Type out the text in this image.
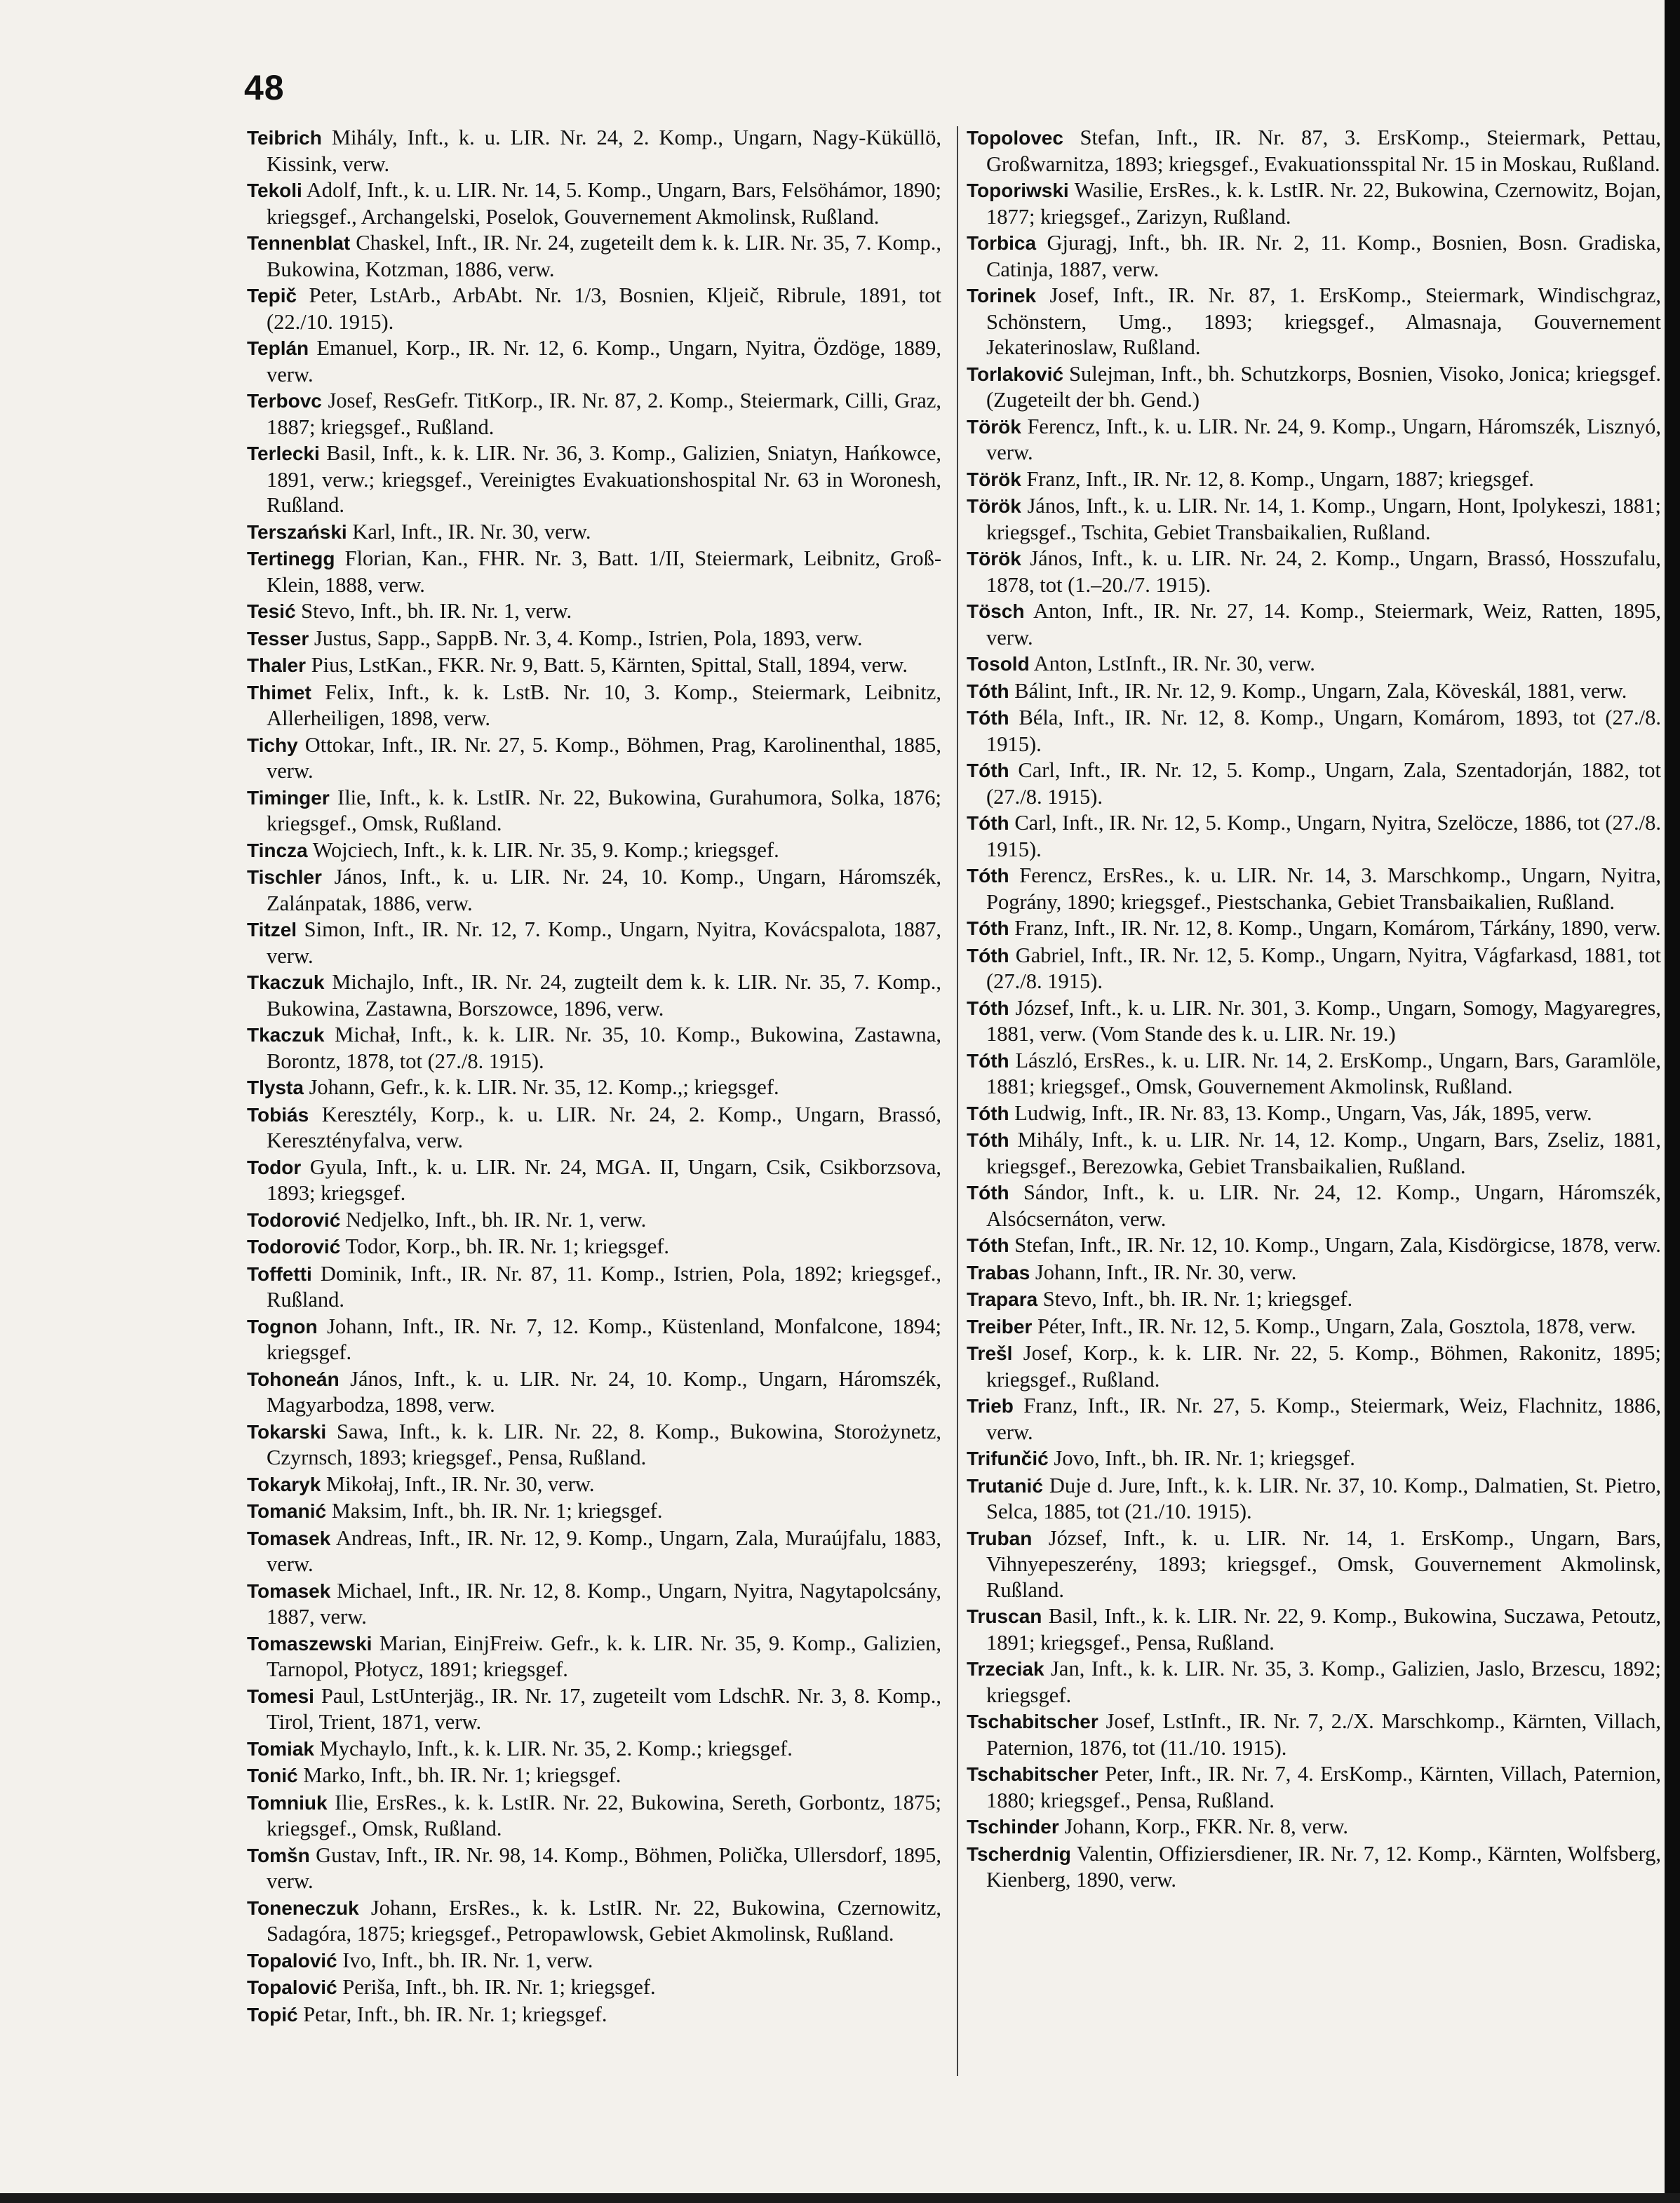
48

Teibrich Mihály, Inft., k. u. LIR. Nr. 24, 2. Komp., Ungarn, Nagy-Küküllö, Kissink, verw.

Tekoli Adolf, Inft., k. u. LIR. Nr. 14, 5. Komp., Ungarn, Bars, Felsöhámor, 1890; kriegsgef., Archangelski, Poselok, Gouvernement Akmolinsk, Rußland.

Tennenblat Chaskel, Inft., IR. Nr. 24, zugeteilt dem k. k. LIR. Nr. 35, 7. Komp., Bukowina, Kotzman, 1886, verw.

Tepič Peter, LstArb., ArbAbt. Nr. 1/3, Bosnien, Kljeič, Ribrule, 1891, tot (22./10. 1915).

Teplán Emanuel, Korp., IR. Nr. 12, 6. Komp., Ungarn, Nyitra, Özdöge, 1889, verw.

Terbovc Josef, ResGefr. TitKorp., IR. Nr. 87, 2. Komp., Steiermark, Cilli, Graz, 1887; kriegsgef., Rußland.

Terlecki Basil, Inft., k. k. LIR. Nr. 36, 3. Komp., Galizien, Sniatyn, Hańkowce, 1891, verw.; kriegsgef., Vereinigtes Evakuationshospital Nr. 63 in Woronesh, Rußland.

Terszański Karl, Inft., IR. Nr. 30, verw.

Tertinegg Florian, Kan., FHR. Nr. 3, Batt. 1/II, Steiermark, Leibnitz, Groß-Klein, 1888, verw.

Tesić Stevo, Inft., bh. IR. Nr. 1, verw.

Tesser Justus, Sapp., SappB. Nr. 3, 4. Komp., Istrien, Pola, 1893, verw.

Thaler Pius, LstKan., FKR. Nr. 9, Batt. 5, Kärnten, Spittal, Stall, 1894, verw.

Thimet Felix, Inft., k. k. LstB. Nr. 10, 3. Komp., Steiermark, Leibnitz, Allerheiligen, 1898, verw.

Tichy Ottokar, Inft., IR. Nr. 27, 5. Komp., Böhmen, Prag, Karolinenthal, 1885, verw.

Timinger Ilie, Inft., k. k. LstIR. Nr. 22, Bukowina, Gurahumora, Solka, 1876; kriegsgef., Omsk, Rußland.

Tincza Wojciech, Inft., k. k. LIR. Nr. 35, 9. Komp.; kriegsgef.

Tischler János, Inft., k. u. LIR. Nr. 24, 10. Komp., Ungarn, Háromszék, Zalánpatak, 1886, verw.

Titzel Simon, Inft., IR. Nr. 12, 7. Komp., Ungarn, Nyitra, Kovácspalota, 1887, verw.

Tkaczuk Michajlo, Inft., IR. Nr. 24, zugteilt dem k. k. LIR. Nr. 35, 7. Komp., Bukowina, Zastawna, Borszowce, 1896, verw.

Tkaczuk Michał, Inft., k. k. LIR. Nr. 35, 10. Komp., Bukowina, Zastawna, Borontz, 1878, tot (27./8. 1915).

Tlysta Johann, Gefr., k. k. LIR. Nr. 35, 12. Komp.,; kriegsgef.

Tobiás Keresztély, Korp., k. u. LIR. Nr. 24, 2. Komp., Ungarn, Brassó, Keresztényfalva, verw.

Todor Gyula, Inft., k. u. LIR. Nr. 24, MGA. II, Ungarn, Csik, Csikborzsova, 1893; kriegsgef.

Todorović Nedjelko, Inft., bh. IR. Nr. 1, verw.

Todorović Todor, Korp., bh. IR. Nr. 1; kriegsgef.

Toffetti Dominik, Inft., IR. Nr. 87, 11. Komp., Istrien, Pola, 1892; kriegsgef., Rußland.

Tognon Johann, Inft., IR. Nr. 7, 12. Komp., Küstenland, Monfalcone, 1894; kriegsgef.

Tohoneán János, Inft., k. u. LIR. Nr. 24, 10. Komp., Ungarn, Háromszék, Magyarbodza, 1898, verw.

Tokarski Sawa, Inft., k. k. LIR. Nr. 22, 8. Komp., Bukowina, Storożynetz, Czyrnsch, 1893; kriegsgef., Pensa, Rußland.

Tokaryk Mikołaj, Inft., IR. Nr. 30, verw.

Tomanić Maksim, Inft., bh. IR. Nr. 1; kriegsgef.

Tomasek Andreas, Inft., IR. Nr. 12, 9. Komp., Ungarn, Zala, Muraújfalu, 1883, verw.

Tomasek Michael, Inft., IR. Nr. 12, 8. Komp., Ungarn, Nyitra, Nagytapolcsány, 1887, verw.

Tomaszewski Marian, EinjFreiw. Gefr., k. k. LIR. Nr. 35, 9. Komp., Galizien, Tarnopol, Płotycz, 1891; kriegsgef.

Tomesi Paul, LstUnterjäg., IR. Nr. 17, zugeteilt vom LdschR. Nr. 3, 8. Komp., Tirol, Trient, 1871, verw.

Tomiak Mychaylo, Inft., k. k. LIR. Nr. 35, 2. Komp.; kriegsgef.

Tonić Marko, Inft., bh. IR. Nr. 1; kriegsgef.

Tomniuk Ilie, ErsRes., k. k. LstIR. Nr. 22, Bukowina, Sereth, Gorbontz, 1875; kriegsgef., Omsk, Rußland.

Tomšn Gustav, Inft., IR. Nr. 98, 14. Komp., Böhmen, Polička, Ullersdorf, 1895, verw.

Toneneczuk Johann, ErsRes., k. k. LstIR. Nr. 22, Bukowina, Czernowitz, Sadagóra, 1875; kriegsgef., Petropawlowsk, Gebiet Akmolinsk, Rußland.

Topalović Ivo, Inft., bh. IR. Nr. 1, verw.

Topalović Periša, Inft., bh. IR. Nr. 1; kriegsgef.

Topić Petar, Inft., bh. IR. Nr. 1; kriegsgef.

Topolovec Stefan, Inft., IR. Nr. 87, 3. ErsKomp., Steiermark, Pettau, Großwarnitza, 1893; kriegsgef., Evakuationsspital Nr. 15 in Moskau, Rußland.

Toporiwski Wasilie, ErsRes., k. k. LstIR. Nr. 22, Bukowina, Czernowitz, Bojan, 1877; kriegsgef., Zarizyn, Rußland.

Torbica Gjuragj, Inft., bh. IR. Nr. 2, 11. Komp., Bosnien, Bosn. Gradiska, Catinja, 1887, verw.

Torinek Josef, Inft., IR. Nr. 87, 1. ErsKomp., Steiermark, Windischgraz, Schönstern, Umg., 1893; kriegsgef., Almasnaja, Gouvernement Jekaterinoslaw, Rußland.

Torlaković Sulejman, Inft., bh. Schutzkorps, Bosnien, Visoko, Jonica; kriegsgef. (Zugeteilt der bh. Gend.)

Török Ferencz, Inft., k. u. LIR. Nr. 24, 9. Komp., Ungarn, Háromszék, Lisznyó, verw.

Török Franz, Inft., IR. Nr. 12, 8. Komp., Ungarn, 1887; kriegsgef.

Török János, Inft., k. u. LIR. Nr. 14, 1. Komp., Ungarn, Hont, Ipolykeszi, 1881; kriegsgef., Tschita, Gebiet Transbaikalien, Rußland.

Török János, Inft., k. u. LIR. Nr. 24, 2. Komp., Ungarn, Brassó, Hosszufalu, 1878, tot (1.–20./7. 1915).

Tösch Anton, Inft., IR. Nr. 27, 14. Komp., Steiermark, Weiz, Ratten, 1895, verw.

Tosold Anton, LstInft., IR. Nr. 30, verw.

Tóth Bálint, Inft., IR. Nr. 12, 9. Komp., Ungarn, Zala, Köveskál, 1881, verw.

Tóth Béla, Inft., IR. Nr. 12, 8. Komp., Ungarn, Komárom, 1893, tot (27./8. 1915).

Tóth Carl, Inft., IR. Nr. 12, 5. Komp., Ungarn, Zala, Szentadorján, 1882, tot (27./8. 1915).

Tóth Carl, Inft., IR. Nr. 12, 5. Komp., Ungarn, Nyitra, Szelöcze, 1886, tot (27./8. 1915).

Tóth Ferencz, ErsRes., k. u. LIR. Nr. 14, 3. Marschkomp., Ungarn, Nyitra, Pográny, 1890; kriegsgef., Piestschanka, Gebiet Transbaikalien, Rußland.

Tóth Franz, Inft., IR. Nr. 12, 8. Komp., Ungarn, Komárom, Tárkány, 1890, verw.

Tóth Gabriel, Inft., IR. Nr. 12, 5. Komp., Ungarn, Nyitra, Vágfarkasd, 1881, tot (27./8. 1915).

Tóth József, Inft., k. u. LIR. Nr. 301, 3. Komp., Ungarn, Somogy, Magyaregres, 1881, verw. (Vom Stande des k. u. LIR. Nr. 19.)

Tóth László, ErsRes., k. u. LIR. Nr. 14, 2. ErsKomp., Ungarn, Bars, Garamlöle, 1881; kriegsgef., Omsk, Gouvernement Akmolinsk, Rußland.

Tóth Ludwig, Inft., IR. Nr. 83, 13. Komp., Ungarn, Vas, Ják, 1895, verw.

Tóth Mihály, Inft., k. u. LIR. Nr. 14, 12. Komp., Ungarn, Bars, Zseliz, 1881, kriegsgef., Berezowka, Gebiet Transbaikalien, Rußland.

Tóth Sándor, Inft., k. u. LIR. Nr. 24, 12. Komp., Ungarn, Háromszék, Alsócsernáton, verw.

Tóth Stefan, Inft., IR. Nr. 12, 10. Komp., Ungarn, Zala, Kisdörgicse, 1878, verw.

Trabas Johann, Inft., IR. Nr. 30, verw.

Trapara Stevo, Inft., bh. IR. Nr. 1; kriegsgef.

Treiber Péter, Inft., IR. Nr. 12, 5. Komp., Ungarn, Zala, Gosztola, 1878, verw.

Trešl Josef, Korp., k. k. LIR. Nr. 22, 5. Komp., Böhmen, Rakonitz, 1895; kriegsgef., Rußland.

Trieb Franz, Inft., IR. Nr. 27, 5. Komp., Steiermark, Weiz, Flachnitz, 1886, verw.

Trifunčić Jovo, Inft., bh. IR. Nr. 1; kriegsgef.

Trutanić Duje d. Jure, Inft., k. k. LIR. Nr. 37, 10. Komp., Dalmatien, St. Pietro, Selca, 1885, tot (21./10. 1915).

Truban József, Inft., k. u. LIR. Nr. 14, 1. ErsKomp., Ungarn, Bars, Vihnyepeszerény, 1893; kriegsgef., Omsk, Gouvernement Akmolinsk, Rußland.

Truscan Basil, Inft., k. k. LIR. Nr. 22, 9. Komp., Bukowina, Suczawa, Petoutz, 1891; kriegsgef., Pensa, Rußland.

Trzeciak Jan, Inft., k. k. LIR. Nr. 35, 3. Komp., Galizien, Jaslo, Brzescu, 1892; kriegsgef.

Tschabitscher Josef, LstInft., IR. Nr. 7, 2./X. Marschkomp., Kärnten, Villach, Paternion, 1876, tot (11./10. 1915).

Tschabitscher Peter, Inft., IR. Nr. 7, 4. ErsKomp., Kärnten, Villach, Paternion, 1880; kriegsgef., Pensa, Rußland.

Tschinder Johann, Korp., FKR. Nr. 8, verw.

Tscherdnig Valentin, Offiziersdiener, IR. Nr. 7, 12. Komp., Kärnten, Wolfsberg, Kienberg, 1890, verw.
